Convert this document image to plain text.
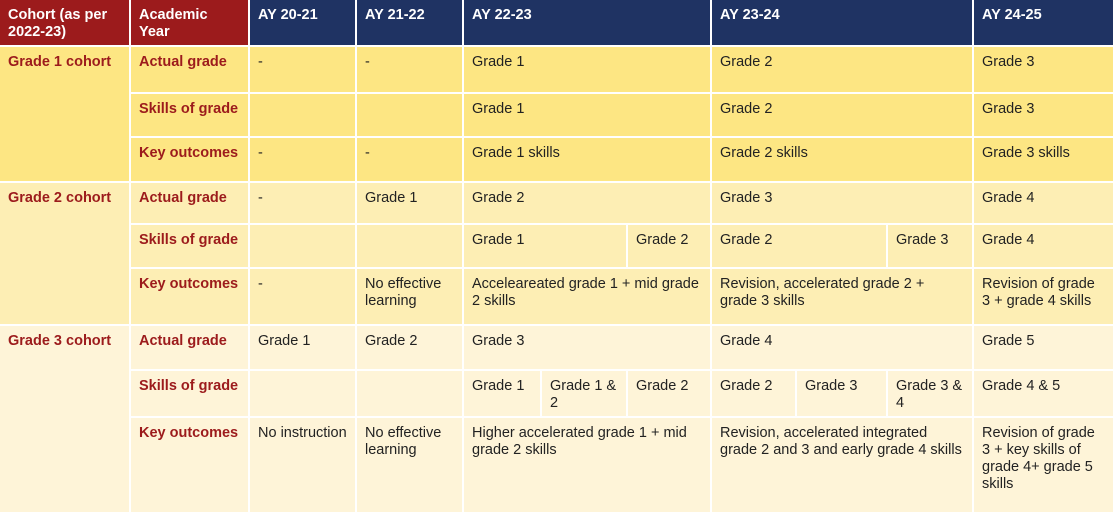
Cohort (as per 2022-23)	Academic Year	AY 20-21	AY 21-22	AY 22-23			AY 23-24			AY 24-25
Grade 1 cohort	Actual grade	-	-	Grade 1			Grade 2			Grade 3
	Skills of grade			Grade 1			Grade 2			Grade 3
	Key outcomes	-	-	Grade 1 skills			Grade 2 skills			Grade 3 skills
Grade 2 cohort	Actual grade	-	Grade 1	Grade 2			Grade 3			Grade 4
	Skills of grade			Grade 1		Grade 2	Grade 2		Grade 3	Grade 4
	Key outcomes	-	No effective learning	Acceleareated grade 1 + mid grade 2 skills			Revision, accelerated grade 2 + grade 3 skills			Revision of grade 3 + grade 4 skills
Grade 3 cohort	Actual grade	Grade 1	Grade 2	Grade 3			Grade 4			Grade 5
	Skills of grade			Grade 1	Grade 1 & 2	Grade 2	Grade 2	Grade 3	Grade 3 & 4	Grade 4 & 5
	Key outcomes	No instruction	No effective learning	Higher accelerated grade 1 + mid grade 2 skills			Revision, accelerated integrated grade 2 and 3 and early grade 4 skills			Revision of grade 3 + key skills of grade 4+ grade 5 skills
